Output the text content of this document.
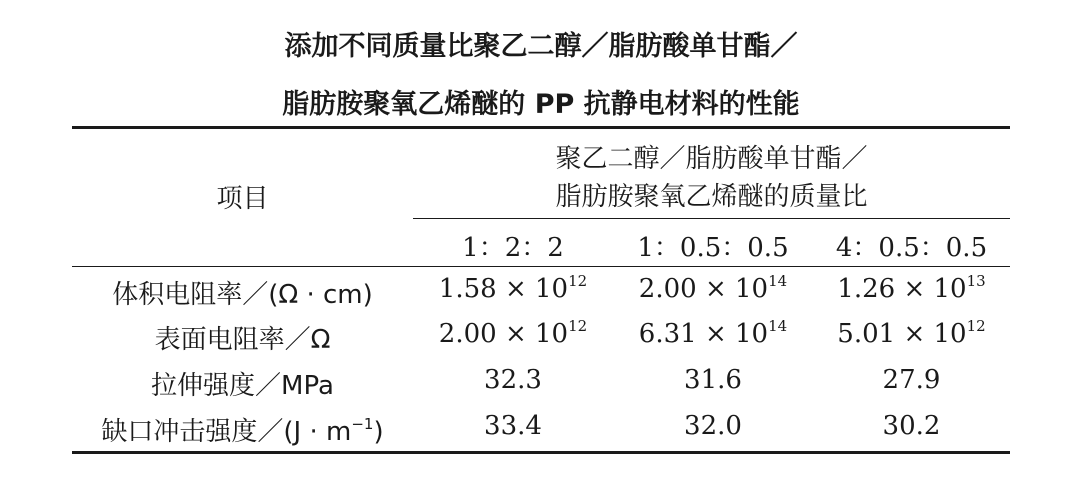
添加不同质量比聚乙二醇／脂肪酸单甘酯／
脂肪胺聚氧乙烯醚的 PP 抗静电材料的性能
项目
聚乙二醇／脂肪酸单甘酯／
脂肪胺聚氧乙烯醚的质量比
1：2：2	1：0.5：0.5	4：0.5：0.5
体积电阻率／(Ω · cm)	$1.58 \times 10^{12}$	$2.00 \times 10^{14}$	$1.26 \times 10^{13}$
表面电阻率／Ω	$2.00 \times 10^{12}$	$6.31 \times 10^{14}$	$5.01 \times 10^{12}$
拉伸强度／MPa	32.3	31.6	27.9
缺口冲击强度／(J · $m^{-1}$)	33.4	32.0	30.2
